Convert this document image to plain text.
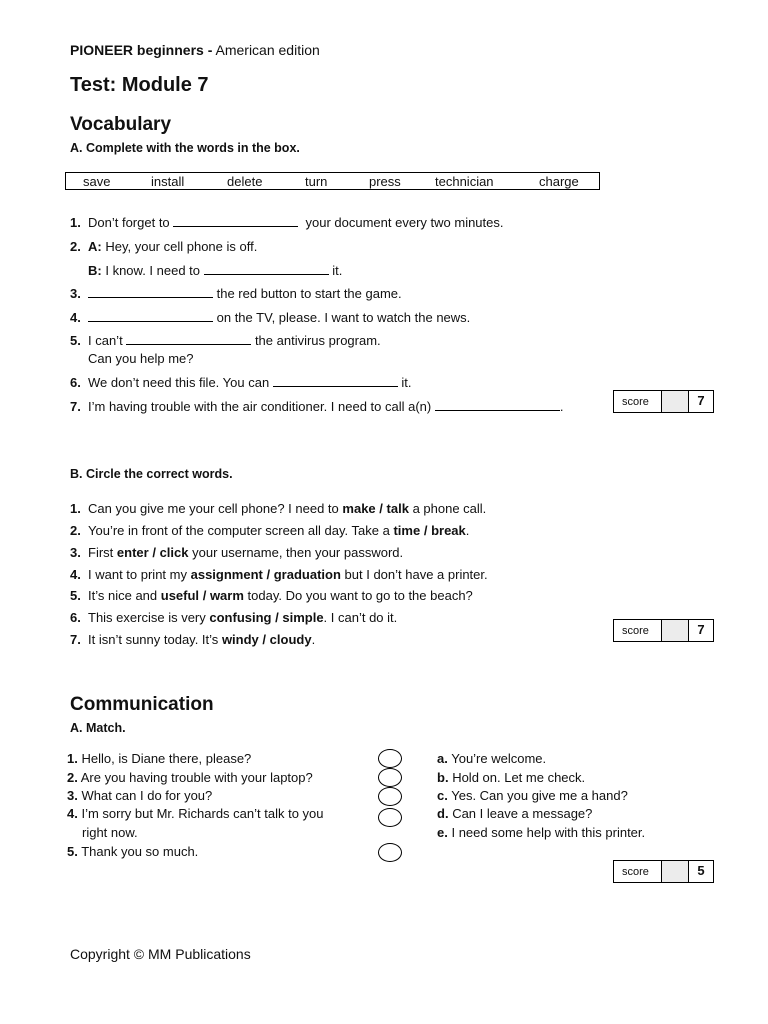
PIONEER beginners - American edition
Test: Module 7
Vocabulary
A. Complete with the words in the box.
save	install	delete	turn	press	technician	charge
1. Don’t forget to	your document every two minutes.
2. A: Hey, your cell phone is off.
B: I know. I need to	it.
3.	the red button to start the game.
4.	on the TV, please. I want to watch the news.
5. I can’t	the antivirus program.
Can you help me?
6. We don’t need this file. You can	it.
7. I’m having trouble with the air conditioner. I need to call a(n)	.	score	7
B. Circle the correct words.
1. Can you give me your cell phone? I need to make / talk a phone call.
2. You’re in front of the computer screen all day. Take a time / break.
3. First enter / click your username, then your password.
4. I want to print my assignment / graduation but I don’t have a printer.
5. It’s nice and useful / warm today. Do you want to go to the beach?
6. This exercise is very confusing / simple. I can’t do it.
7. It isn’t sunny today. It’s windy / cloudy.
score	7
Communication
A. Match.
1. Hello, is Diane there, please?
2. Are you having trouble with your laptop?
3. What can I do for you?
4. I’m sorry but Mr. Richards can’t talk to you
right now.
5. Thank you so much.
a. You’re welcome.
b. Hold on. Let me check.
c. Yes. Can you give me a hand?
d. Can I leave a message?
e. I need some help with this printer.
score	5
Copyright © MM Publications
